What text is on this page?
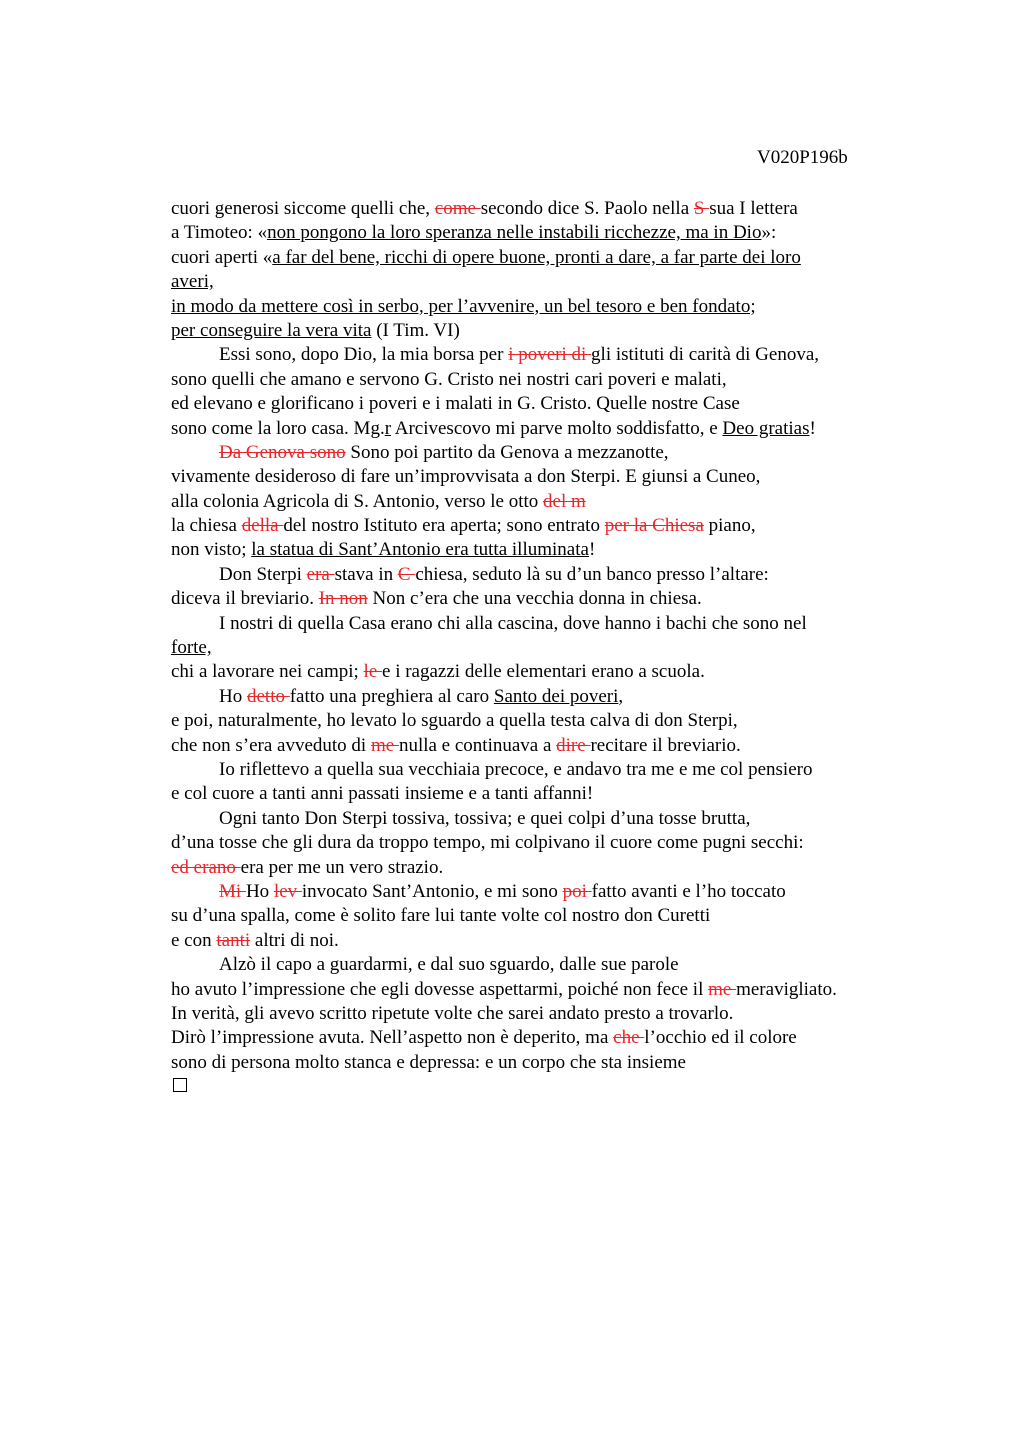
V020P196b
cuori generosi siccome quelli che, come secondo dice S. Paolo nella S sua I lettera
a Timoteo: «non pongono la loro speranza nelle instabili ricchezze, ma in Dio»:
cuori aperti «a far del bene, ricchi di opere buone, pronti a dare, a far parte dei loro
averi,
in modo da mettere così in serbo, per l’avvenire, un bel tesoro e ben fondato;
per conseguire la vera vita (I Tim. VI)
Essi sono, dopo Dio, la mia borsa per i poveri di gli istituti di carità di Genova,
sono quelli che amano e servono G. Cristo nei nostri cari poveri e malati,
ed elevano e glorificano i poveri e i malati in G. Cristo. Quelle nostre Case
sono come la loro casa. Mg.r Arcivescovo mi parve molto soddisfatto, e Deo gratias!
Da Genova sono Sono poi partito da Genova a mezzanotte,
vivamente desideroso di fare un’improvvisata a don Sterpi. E giunsi a Cuneo,
alla colonia Agricola di S. Antonio, verso le otto del m
la chiesa della del nostro Istituto era aperta; sono entrato per la Chiesa piano,
non visto; la statua di Sant’Antonio era tutta illuminata!
Don Sterpi era stava in C chiesa, seduto là su d’un banco presso l’altare:
diceva il breviario. In non Non c’era che una vecchia donna in chiesa.
I nostri di quella Casa erano chi alla cascina, dove hanno i bachi che sono nel
forte,
chi a lavorare nei campi; le e i ragazzi delle elementari erano a scuola.
Ho detto fatto una preghiera al caro Santo dei poveri,
e poi, naturalmente, ho levato lo sguardo a quella testa calva di don Sterpi,
che non s’era avveduto di me nulla e continuava a dire recitare il breviario.
Io riflettevo a quella sua vecchiaia precoce, e andavo tra me e me col pensiero
e col cuore a tanti anni passati insieme e a tanti affanni!
Ogni tanto Don Sterpi tossiva, tossiva; e quei colpi d’una tosse brutta,
d’una tosse che gli dura da troppo tempo, mi colpivano il cuore come pugni secchi:
ed erano era per me un vero strazio.
Mi Ho lev invocato Sant’Antonio, e mi sono poi fatto avanti e l’ho toccato
su d’una spalla, come è solito fare lui tante volte col nostro don Curetti
e con tanti altri di noi.
Alzò il capo a guardarmi, e dal suo sguardo, dalle sue parole
ho avuto l’impressione che egli dovesse aspettarmi, poiché non fece il me meravigliato.
In verità, gli avevo scritto ripetute volte che sarei andato presto a trovarlo.
Dirò l’impressione avuta. Nell’aspetto non è deperito, ma che l’occhio ed il colore
sono di persona molto stanca e depressa: e un corpo che sta insieme
